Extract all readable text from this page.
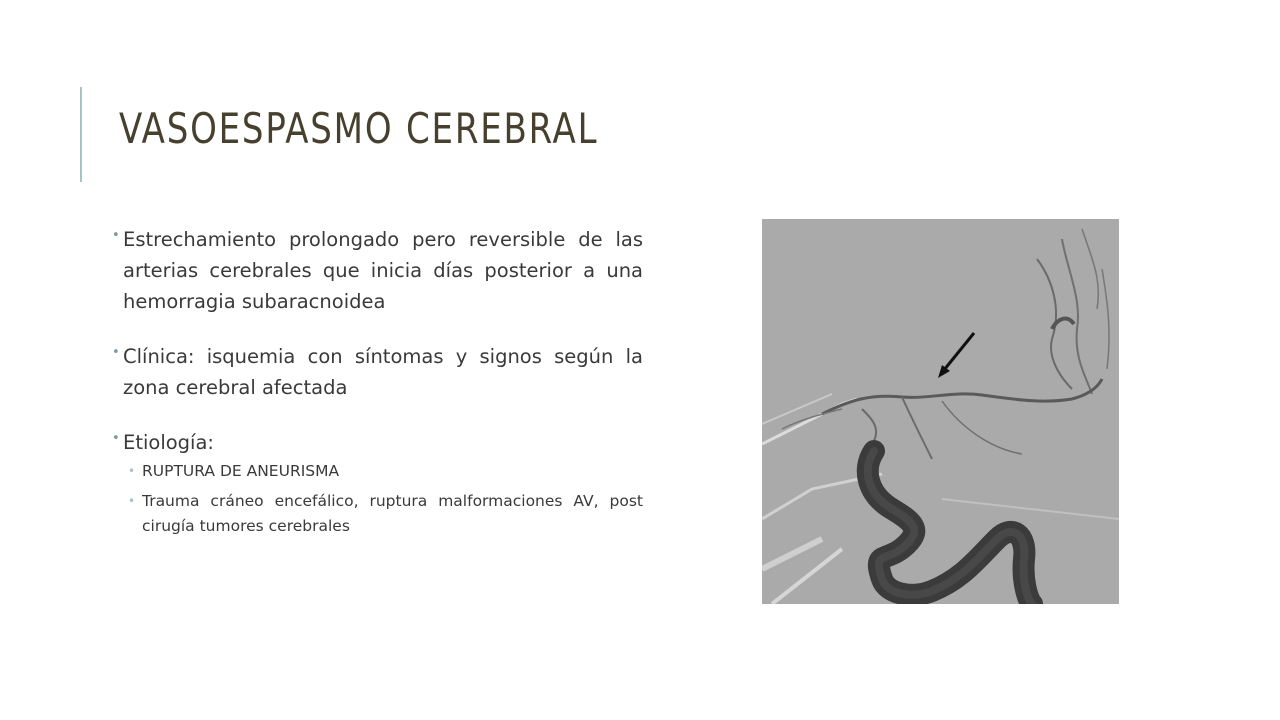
VASOESPASMO CEREBRAL
• Estrechamiento prolongado pero reversible de las arterias cerebrales que inicia días posterior a una hemorragia subaracnoidea
• Clínica: isquemia con síntomas y signos según la zona cerebral afectada
• Etiología:
• RUPTURA DE ANEURISMA
• Trauma cráneo encefálico, ruptura malformaciones AV, post cirugía tumores cerebrales
